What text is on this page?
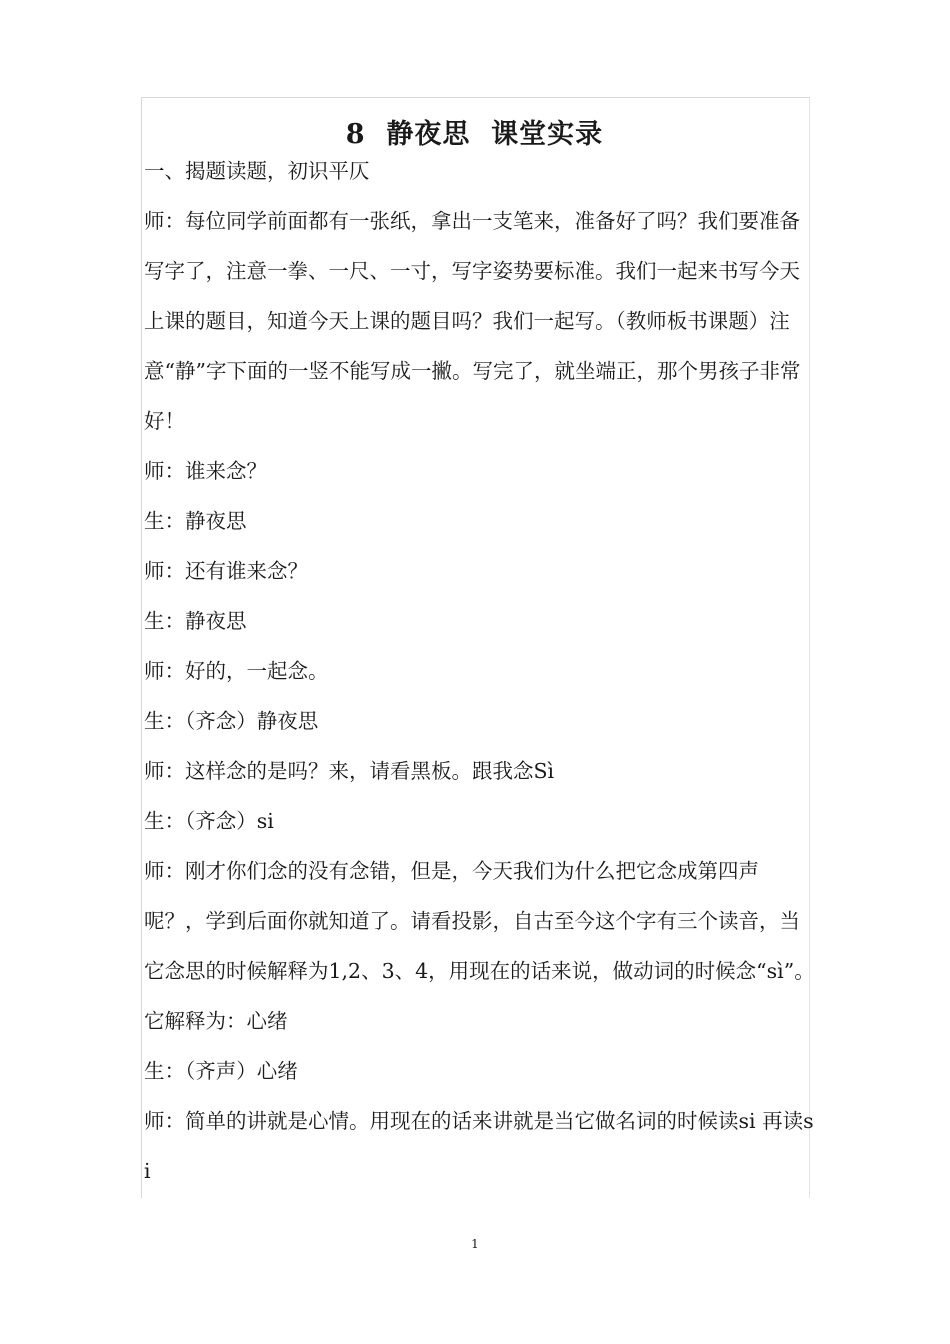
8  静夜思  课堂实录

一、揭题读题，初识平仄

师：每位同学前面都有一张纸，拿出一支笔来，准备好了吗？我们要准备写字了，注意一拳、一尺、一寸，写字姿势要标准。我们一起来书写今天上课的题目，知道今天上课的题目吗？我们一起写。（教师板书课题）注意“静”字下面的一竖不能写成一撇。写完了，就坐端正，那个男孩子非常好！

师：谁来念？

生：静夜思

师：还有谁来念？

生：静夜思

师：好的，一起念。

生：（齐念）静夜思

师：这样念的是吗？来，请看黑板。跟我念Sì

生：（齐念）si

师：刚才你们念的没有念错，但是，今天我们为什么把它念成第四声呢？，学到后面你就知道了。请看投影，自古至今这个字有三个读音，当它念思的时候解释为1,2、3、4，用现在的话来说，做动词的时候念“sì”。它解释为：心绪

生：（齐声）心绪

师：简单的讲就是心情。用现在的话来讲就是当它做名词的时候读si 再读si

1
